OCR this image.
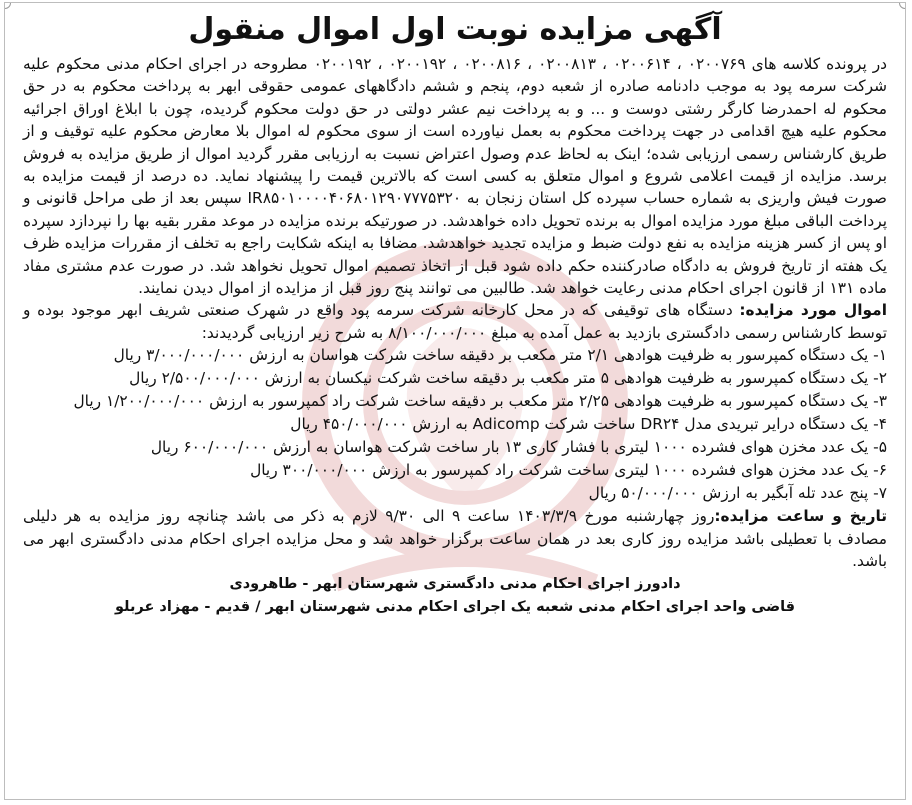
آگهی مزایده نوبت اول اموال منقول

در پرونده کلاسه های ۰۲۰۰۷۶۹ ، ۰۲۰۰۶۱۴ ، ۰۲۰۰۸۱۳ ، ۰۲۰۰۸۱۶ ، ۰۲۰۰۱۹۲ ، ۰۲۰۰۱۹۲ مطروحه در اجرای احکام مدنی محکوم علیه شرکت سرمه پود به موجب دادنامه صادره از شعبه دوم، پنجم و ششم دادگاههای عمومی حقوقی ابهر به پرداخت محکوم به در حق محکوم له احمدرضا کارگر رشتی دوست و ... و به پرداخت نیم عشر دولتی در حق دولت محکوم گردیده، چون با ابلاغ اوراق اجرائیه محکوم علیه هیچ اقدامی در جهت پرداخت محکوم به بعمل نیاورده است از سوی محکوم له اموال بلا معارض محکوم علیه توقیف و از طریق کارشناس رسمی ارزیابی شده؛ اینک به لحاظ عدم وصول اعتراض نسبت به ارزیابی مقرر گردید اموال از طریق مزایده به فروش برسد. مزایده از قیمت اعلامی شروع و اموال متعلق به کسی است که بالاترین قیمت را پیشنهاد نماید. ده درصد از قیمت مزایده به صورت فیش واریزی به شماره حساب سپرده کل استان زنجان به IR۸۵۰۱۰۰۰۰۴۰۶۸۰۱۲۹۰۷۷۷۵۳۲۰ سپس بعد از طی مراحل قانونی و پرداخت الباقی مبلغ مورد مزایده اموال به برنده تحویل داده خواهدشد. در صورتیکه برنده مزایده در موعد مقرر بقیه بها را نپردازد سپرده او پس از کسر هزینه مزایده به نفع دولت ضبط و مزایده تجدید خواهدشد. مضافا به اینکه شکایت راجع به تخلف از مقررات مزایده ظرف یک هفته از تاریخ فروش به دادگاه صادرکننده حکم داده شود قبل از اتخاذ تصمیم اموال تحویل نخواهد شد. در صورت عدم مشتری مفاد ماده ۱۳۱ از قانون اجرای احکام مدنی رعایت خواهد شد. طالبین می توانند پنج روز قبل از مزایده از اموال دیدن نمایند.

اموال مورد مزایده: دستگاه های توقیفی که در محل کارخانه شرکت سرمه پود واقع در شهرک صنعتی شریف ابهر موجود بوده و توسط کارشناس رسمی دادگستری بازدید به عمل آمده به مبلغ ۸/۱۰۰/۰۰۰/۰۰۰ به شرح زیر ارزیابی گردیدند:

۱- یک دستگاه کمپرسور به ظرفیت هوادهی ۲/۱ متر مکعب بر دقیقه ساخت شرکت هواسان به ارزش ۳/۰۰۰/۰۰۰/۰۰۰ ریال
۲- یک دستگاه کمپرسور به ظرفیت هوادهی ۵ متر مکعب بر دقیقه ساخت شرکت نیکسان به ارزش ۲/۵۰۰/۰۰۰/۰۰۰ ریال
۳- یک دستگاه کمپرسور به ظرفیت هوادهی ۲/۲۵ متر مکعب بر دقیقه ساخت شرکت راد کمپرسور به ارزش ۱/۲۰۰/۰۰۰/۰۰۰ ریال
۴- یک دستگاه درایر تبریدی مدل DR۲۴ ساخت شرکت Adicomp به ارزش ۴۵۰/۰۰۰/۰۰۰ ریال
۵- یک عدد مخزن هوای فشرده ۱۰۰۰ لیتری با فشار کاری ۱۳ بار ساخت شرکت هواسان به ارزش ۶۰۰/۰۰۰/۰۰۰ ریال
۶- یک عدد مخزن هوای فشرده ۱۰۰۰ لیتری ساخت شرکت راد کمپرسور به ارزش ۳۰۰/۰۰۰/۰۰۰ ریال
۷- پنج عدد تله آبگیر به ارزش ۵۰/۰۰۰/۰۰۰ ریال

تاریخ و ساعت مزایده:روز چهارشنبه مورخ ۱۴۰۳/۳/۹ ساعت ۹ الی ۹/۳۰ لازم به ذکر می باشد چنانچه روز مزایده به هر دلیلی مصادف با تعطیلی باشد مزایده روز کاری بعد در همان ساعت برگزار خواهد شد و محل مزایده اجرای احکام مدنی دادگستری ابهر می باشد.

دادورز اجرای احکام مدنی دادگستری شهرستان ابهر - طاهرودی
قاضی واحد اجرای احکام مدنی شعبه یک اجرای احکام مدنی شهرستان ابهر / قدیم - مهزاد عربلو
